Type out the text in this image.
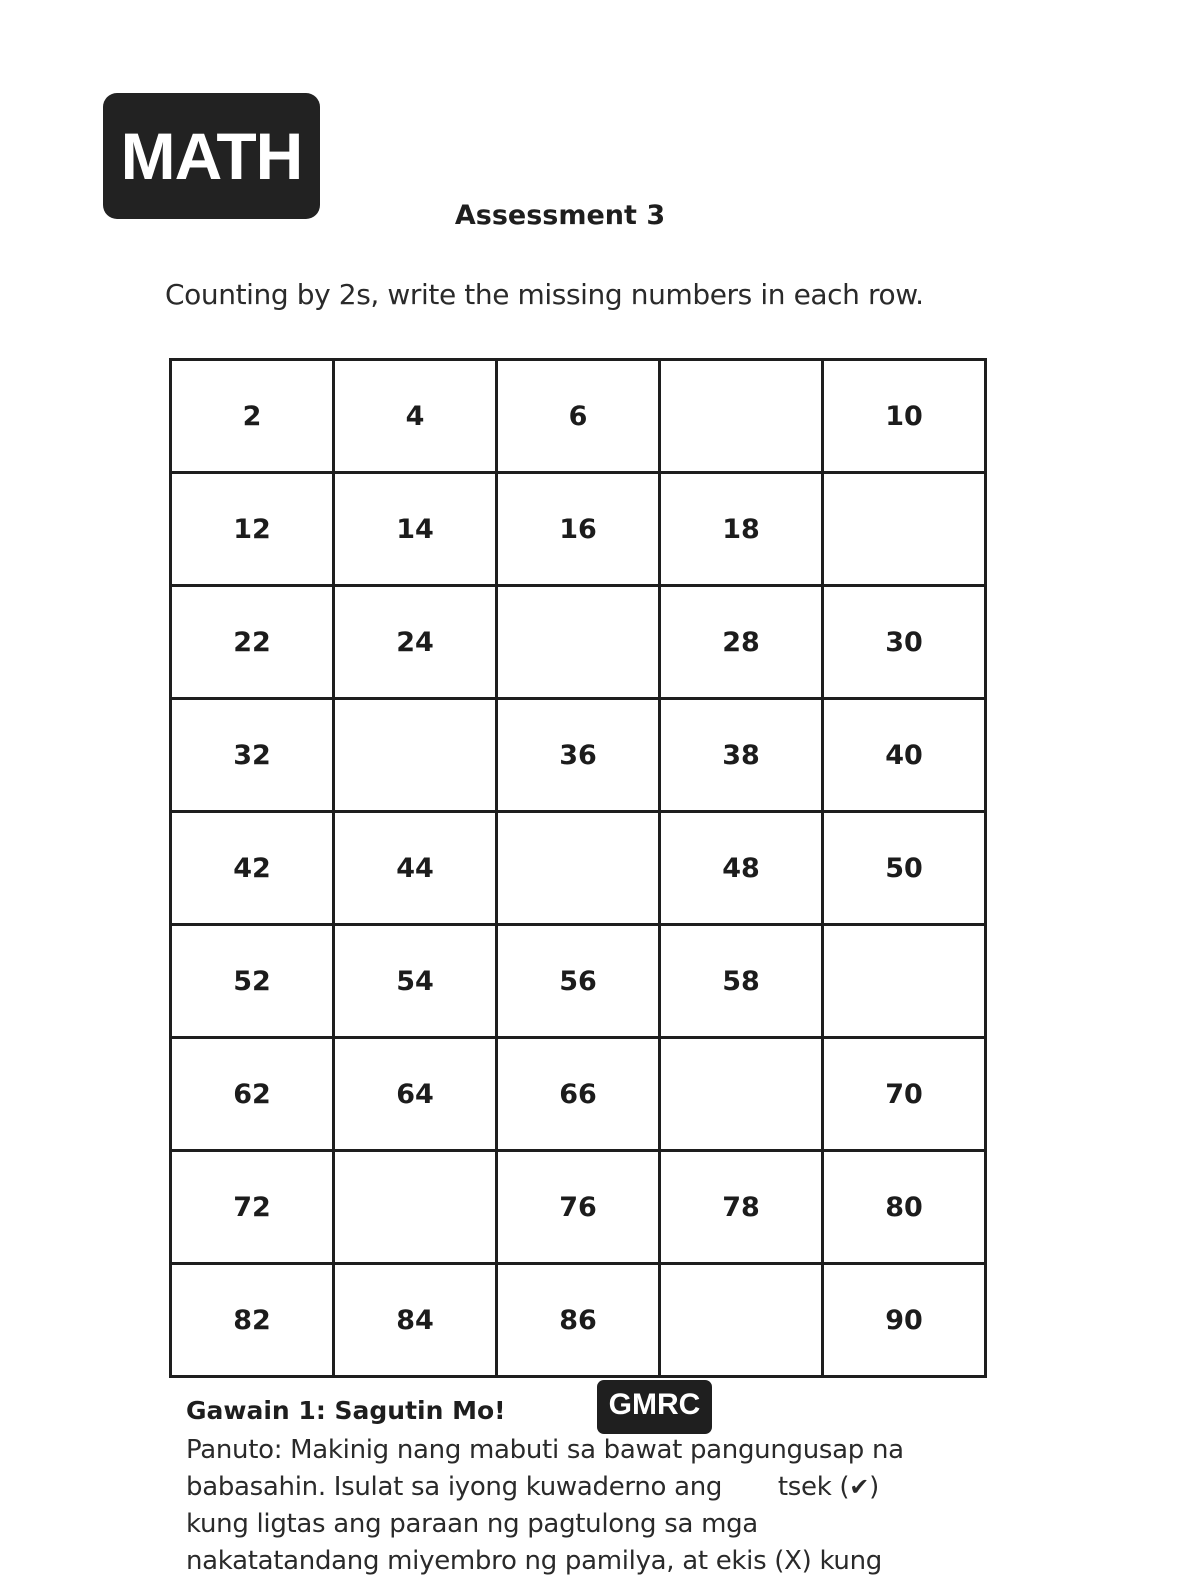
MATH
Assessment 3
Counting by 2s, write the missing numbers in each row.
2	4	6		10
12	14	16	18	
22	24		28	30
32		36	38	40
42	44		48	50
52	54	56	58	
62	64	66		70
72		76	78	80
82	84	86		90
GMRC
Gawain 1: Sagutin Mo!
Panuto: Makinig nang mabuti sa bawat pangungusap na
babasahin. Isulat sa iyong kuwaderno ang tsek (✔)
kung ligtas ang paraan ng pagtulong sa mga
nakatatandang miyembro ng pamilya, at ekis (X) kung
